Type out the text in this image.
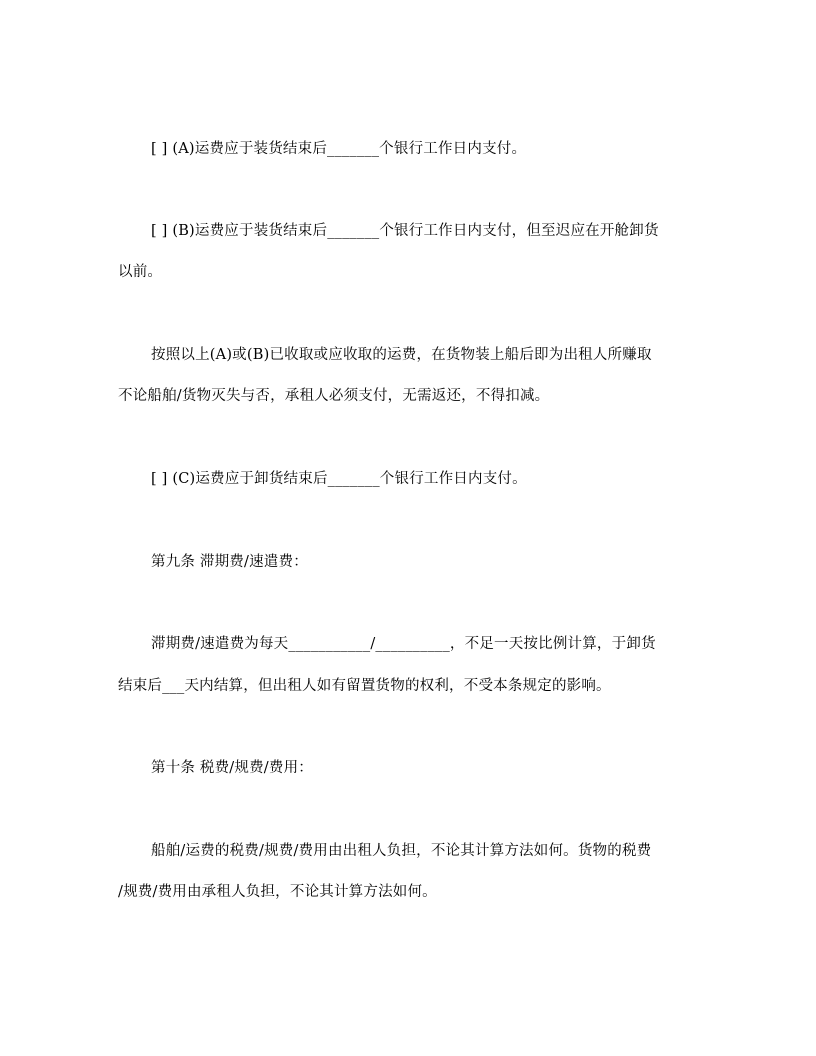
[ ] (A)运费应于装货结束后_______个银行工作日内支付。
[ ] (B)运费应于装货结束后_______个银行工作日内支付，但至迟应在开舱卸货
以前。
按照以上(A)或(B)已收取或应收取的运费，在货物装上船后即为出租人所赚取
不论船舶/货物灭失与否，承租人必须支付，无需返还，不得扣减。
[ ] (C)运费应于卸货结束后_______个银行工作日内支付。
第九条 滞期费/速遣费：
滞期费/速遣费为每天___________/__________，不足一天按比例计算，于卸货
结束后___天内结算，但出租人如有留置货物的权利，不受本条规定的影响。
第十条 税费/规费/费用：
船舶/运费的税费/规费/费用由出租人负担，不论其计算方法如何。货物的税费
/规费/费用由承租人负担，不论其计算方法如何。
